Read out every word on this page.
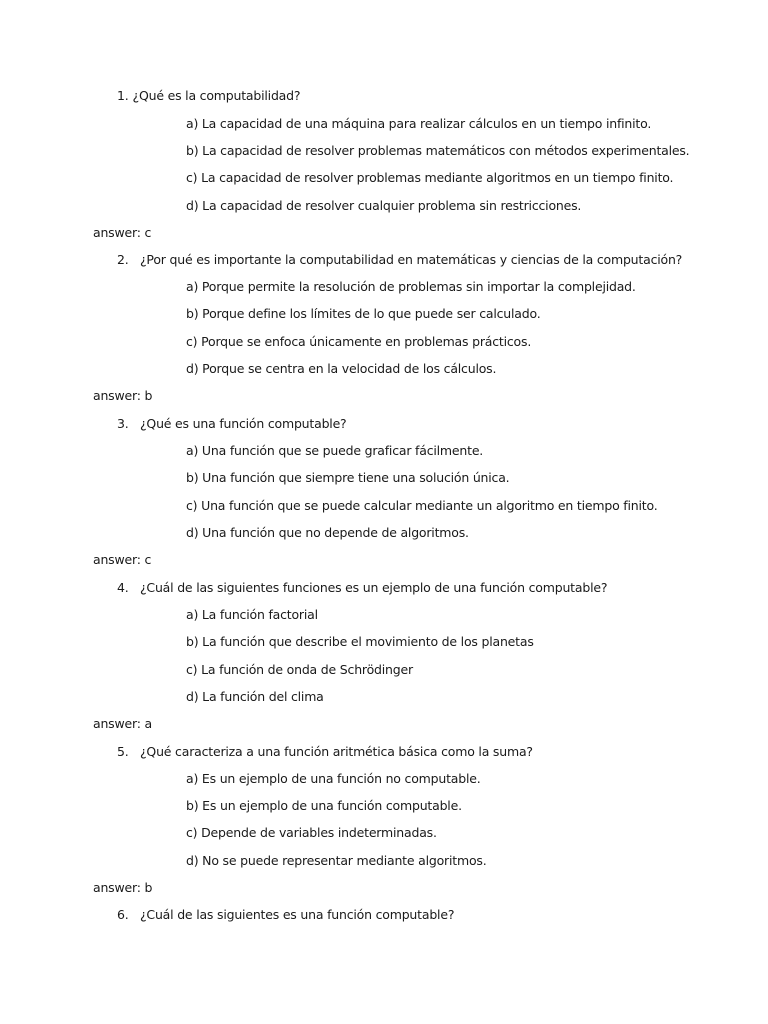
1. ¿Qué es la computabilidad?
a) La capacidad de una máquina para realizar cálculos en un tiempo infinito.
b) La capacidad de resolver problemas matemáticos con métodos experimentales.
c) La capacidad de resolver problemas mediante algoritmos en un tiempo finito.
d) La capacidad de resolver cualquier problema sin restricciones.
answer: c
2. ¿Por qué es importante la computabilidad en matemáticas y ciencias de la computación?
a) Porque permite la resolución de problemas sin importar la complejidad.
b) Porque define los límites de lo que puede ser calculado.
c) Porque se enfoca únicamente en problemas prácticos.
d) Porque se centra en la velocidad de los cálculos.
answer: b
3. ¿Qué es una función computable?
a) Una función que se puede graficar fácilmente.
b) Una función que siempre tiene una solución única.
c) Una función que se puede calcular mediante un algoritmo en tiempo finito.
d) Una función que no depende de algoritmos.
answer: c
4. ¿Cuál de las siguientes funciones es un ejemplo de una función computable?
a) La función factorial
b) La función que describe el movimiento de los planetas
c) La función de onda de Schrödinger
d) La función del clima
answer: a
5. ¿Qué caracteriza a una función aritmética básica como la suma?
a) Es un ejemplo de una función no computable.
b) Es un ejemplo de una función computable.
c) Depende de variables indeterminadas.
d) No se puede representar mediante algoritmos.
answer: b
6. ¿Cuál de las siguientes es una función computable?
